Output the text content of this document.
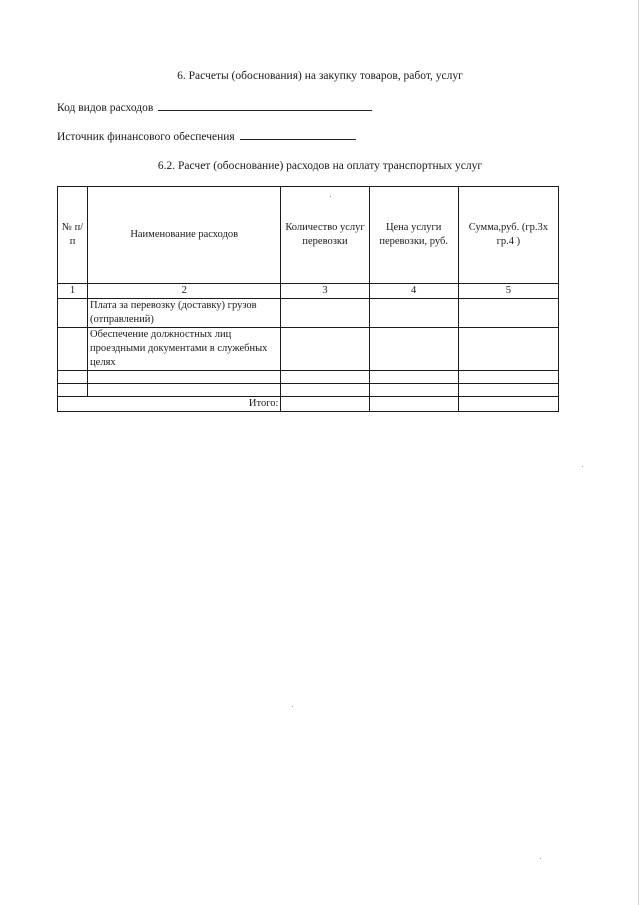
6. Расчеты (обоснования) на закупку товаров, работ, услуг
Код видов расходов
Источник финансового обеспечения
6.2. Расчет (обоснование) расходов на оплату транспортных услуг
№ п/п	Наименование расходов	Количество услуг перевозки	Цена услуги перевозки, руб.	Сумма,руб. (гр.3х гр.4 )
1	2	3	4	5
	Плата за перевозку (доставку) грузов (отправлений)			
	Обеспечение должностных лиц проездными документами в служебных целях			

Итого:				
